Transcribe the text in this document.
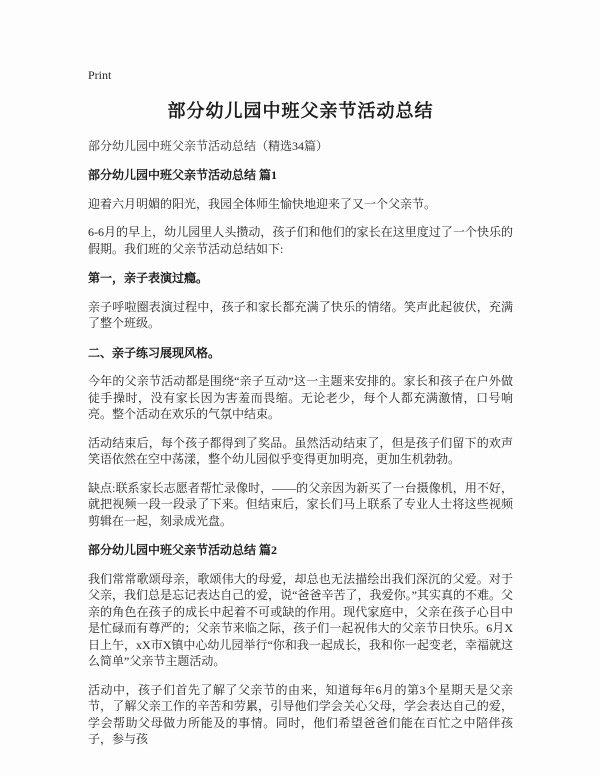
Print
部分幼儿园中班父亲节活动总结
部分幼儿园中班父亲节活动总结（精选34篇）
部分幼儿园中班父亲节活动总结 篇1
迎着六月明媚的阳光，我园全体师生愉快地迎来了又一个父亲节。
6-6月的早上，幼儿园里人头攒动，孩子们和他们的家长在这里度过了一个快乐的假期。我们班的父亲节活动总结如下:
第一，亲子表演过瘾。
亲子呼啦圈表演过程中，孩子和家长都充满了快乐的情绪。笑声此起彼伏，充满了整个班级。
二、亲子练习展现风格。
今年的父亲节活动都是围绕“亲子互动”这一主题来安排的。家长和孩子在户外做徒手操时，没有家长因为害羞而畏缩。无论老少，每个人都充满激情，口号响亮。整个活动在欢乐的气氛中结束。
活动结束后，每个孩子都得到了奖品。虽然活动结束了，但是孩子们留下的欢声笑语依然在空中荡漾，整个幼儿园似乎变得更加明亮，更加生机勃勃。
缺点:联系家长志愿者帮忙录像时，——的父亲因为新买了一台摄像机，用不好，就把视频一段一段录了下来。但结束后，家长们马上联系了专业人士将这些视频剪辑在一起，刻录成光盘。
部分幼儿园中班父亲节活动总结 篇2
我们常常歌颂母亲，歌颂伟大的母爱，却总也无法描绘出我们深沉的父爱。对于父亲，我们总是忘记表达自己的爱，说“爸爸辛苦了，我爱你。”其实真的不难。父亲的角色在孩子的成长中起着不可或缺的作用。现代家庭中，父亲在孩子心目中是忙碌而有尊严的；父亲节来临之际，孩子们一起祝伟大的父亲节日快乐。6月X日上午，xX市X镇中心幼儿园举行“你和我一起成长，我和你一起变老，幸福就这么简单”父亲节主题活动。
活动中，孩子们首先了解了父亲节的由来，知道每年6月的第3个星期天是父亲节，了解父亲工作的辛苦和劳累，引导他们学会关心父母，学会表达自己的爱，学会帮助父母做力所能及的事情。同时，他们希望爸爸们能在百忙之中陪伴孩子，参与孩
